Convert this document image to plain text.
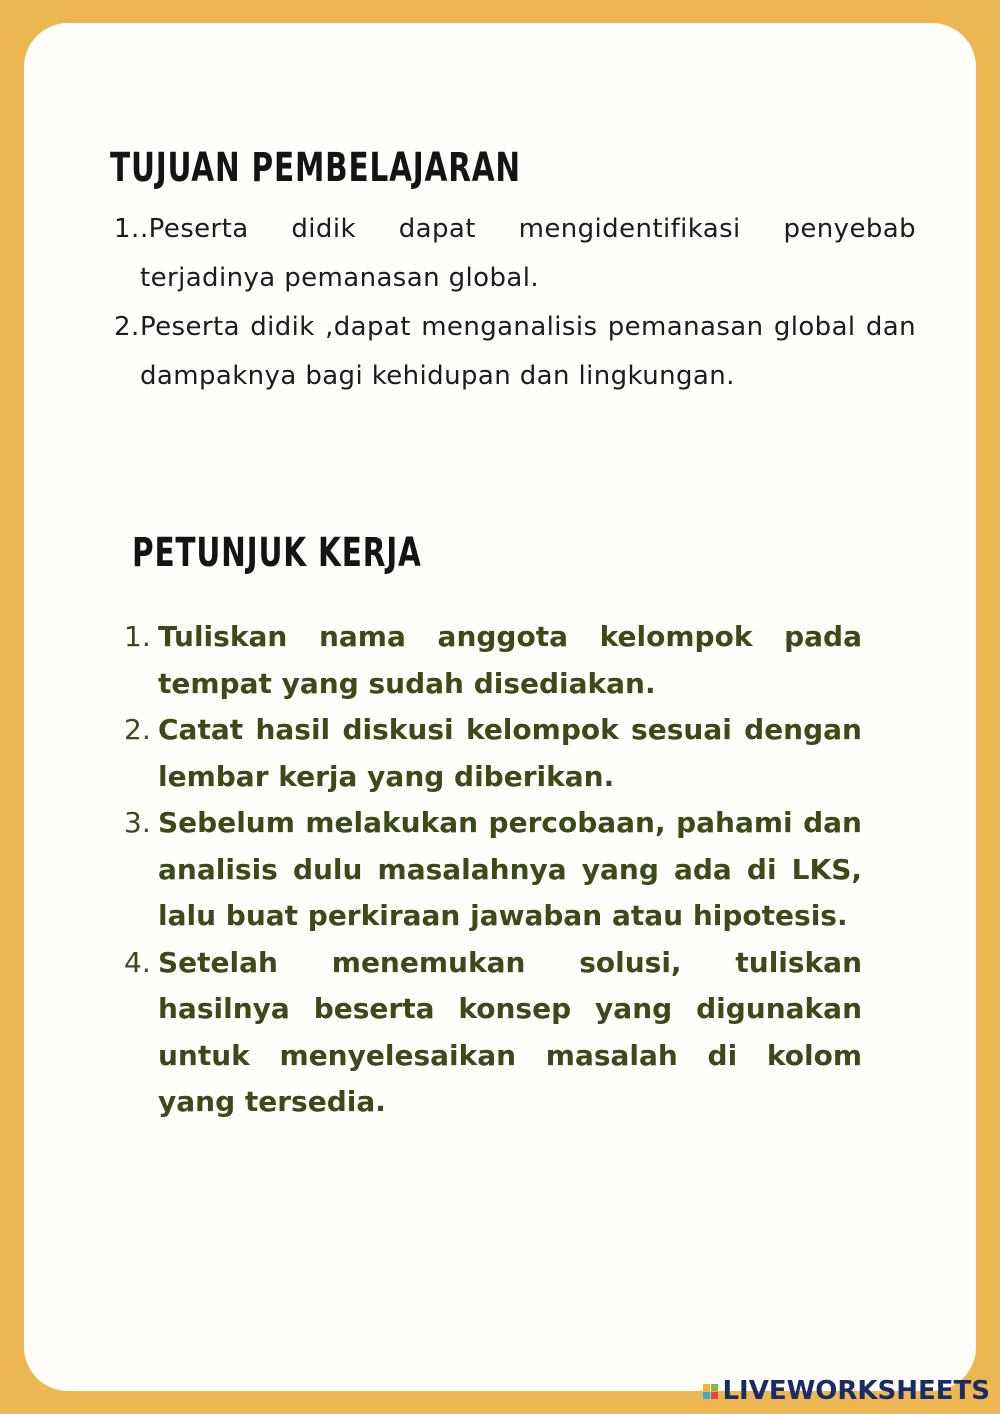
TUJUAN PEMBELAJARAN
1. .Peserta didik dapat mengidentifikasi penyebab terjadinya pemanasan global.
2. Peserta didik ,dapat menganalisis pemanasan global dan dampaknya bagi kehidupan dan lingkungan.
PETUNJUK KERJA
1. Tuliskan nama anggota kelompok pada tempat yang sudah disediakan.
2. Catat hasil diskusi kelompok sesuai dengan lembar kerja yang diberikan.
3. Sebelum melakukan percobaan, pahami dan analisis dulu masalahnya yang ada di LKS, lalu buat perkiraan jawaban atau hipotesis.
4. Setelah menemukan solusi, tuliskan hasilnya beserta konsep yang digunakan untuk menyelesaikan masalah di kolom yang tersedia.
LIVEWORKSHEETS
